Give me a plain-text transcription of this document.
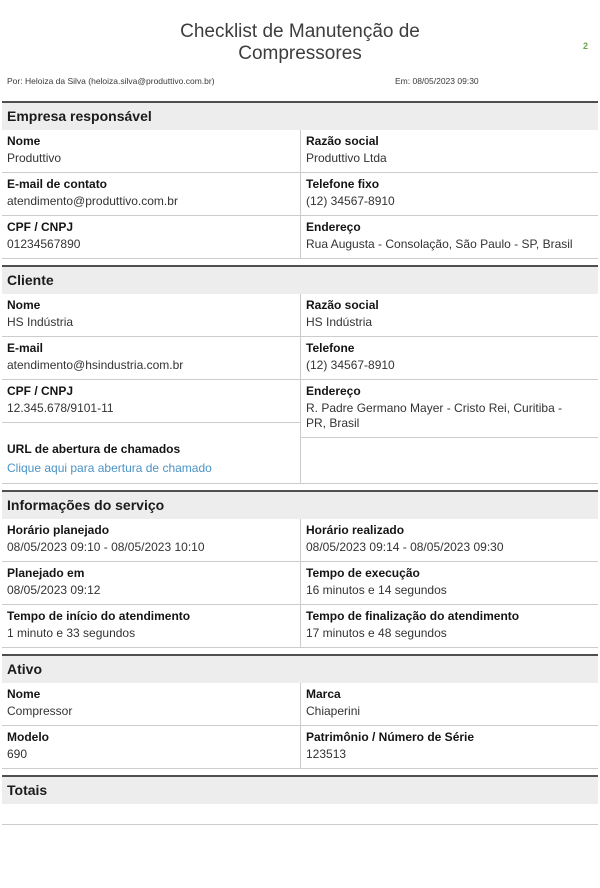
2
Checklist de Manutenção de Compressores
Por: Heloiza da Silva (heloiza.silva@produttivo.com.br)	Em: 08/05/2023 09:30
Empresa responsável
Nome
Produttivo
E-mail de contato
atendimento@produttivo.com.br
CPF / CNPJ
01234567890
Razão social
Produttivo Ltda
Telefone fixo
(12) 34567-8910
Endereço
Rua Augusta - Consolação, São Paulo - SP, Brasil
Cliente
Nome
HS Indústria
E-mail
atendimento@hsindustria.com.br
CPF / CNPJ
12.345.678/9101-11
Razão social
HS Indústria
Telefone
(12) 34567-8910
Endereço
R. Padre Germano Mayer - Cristo Rei, Curitiba - PR, Brasil
URL de abertura de chamados
Clique aqui para abertura de chamado
Informações do serviço
Horário planejado
08/05/2023 09:10 - 08/05/2023 10:10
Planejado em
08/05/2023 09:12
Tempo de início do atendimento
1 minuto e 33 segundos
Horário realizado
08/05/2023 09:14 - 08/05/2023 09:30
Tempo de execução
16 minutos e 14 segundos
Tempo de finalização do atendimento
17 minutos e 48 segundos
Ativo
Nome
Compressor
Modelo
690
Marca
Chiaperini
Patrimônio / Número de Série
123513
Totais
